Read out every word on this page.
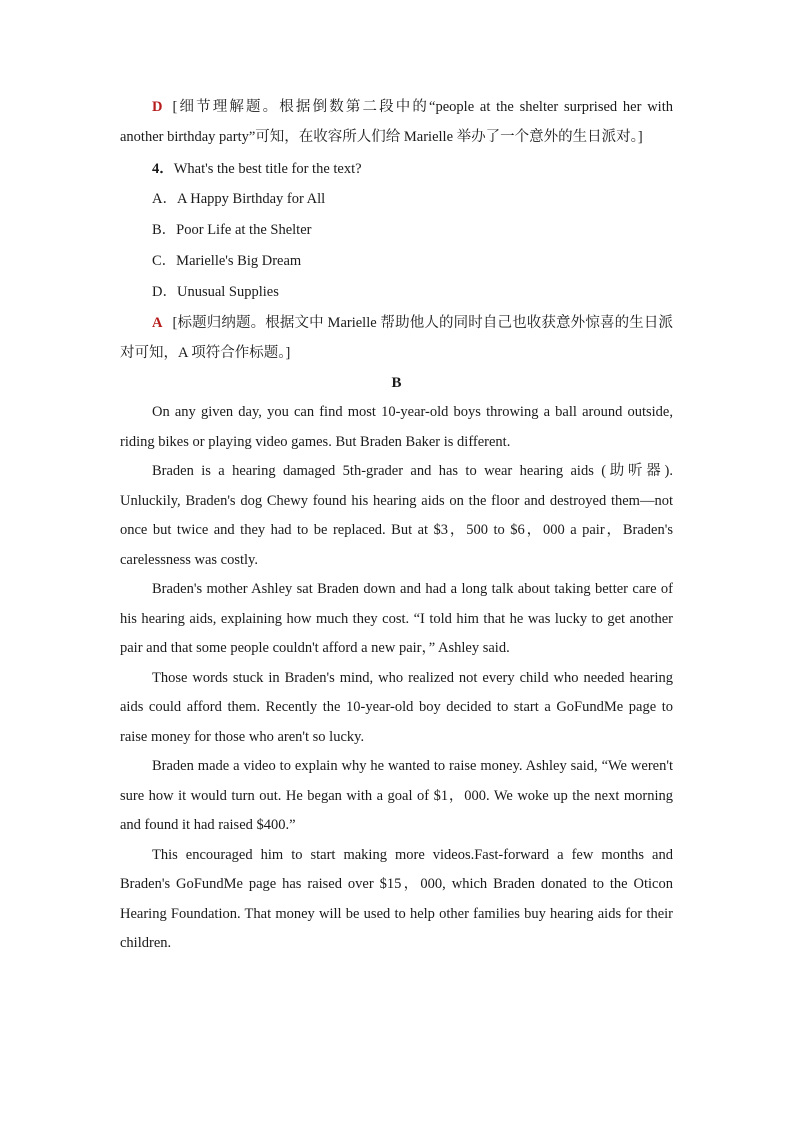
D [细节理解题。根据倒数第二段中的“people at the shelter surprised her with another birthday party”可知，在收容所人们给 Marielle 举办了一个意外的生日派对。]

4．What's the best title for the text?

A．A Happy Birthday for All

B．Poor Life at the Shelter

C．Marielle's Big Dream

D．Unusual Supplies

A [标题归纳题。根据文中 Marielle 帮助他人的同时自己也收获意外惊喜的生日派对可知，A 项符合作标题。]

B

On any given day, you can find most 10-year-old boys throwing a ball around outside, riding bikes or playing video games. But Braden Baker is different.

Braden is a hearing damaged 5th-grader and has to wear hearing aids (助听器). Unluckily, Braden's dog Chewy found his hearing aids on the floor and destroyed them—not once but twice and they had to be replaced. But at $3，500 to $6，000 a pair，Braden's carelessness was costly.

Braden's mother Ashley sat Braden down and had a long talk about taking better care of his hearing aids, explaining how much they cost. “I told him that he was lucky to get another pair and that some people couldn't afford a new pair，” Ashley said.

Those words stuck in Braden's mind, who realized not every child who needed hearing aids could afford them. Recently the 10-year-old boy decided to start a GoFundMe page to raise money for those who aren't so lucky.

Braden made a video to explain why he wanted to raise money. Ashley said, “We weren't sure how it would turn out. He began with a goal of $1，000. We woke up the next morning and found it had raised $400.”

This encouraged him to start making more videos.Fast-forward a few months and Braden's GoFundMe page has raised over $15，000, which Braden donated to the Oticon Hearing Foundation. That money will be used to help other families buy hearing aids for their children.
